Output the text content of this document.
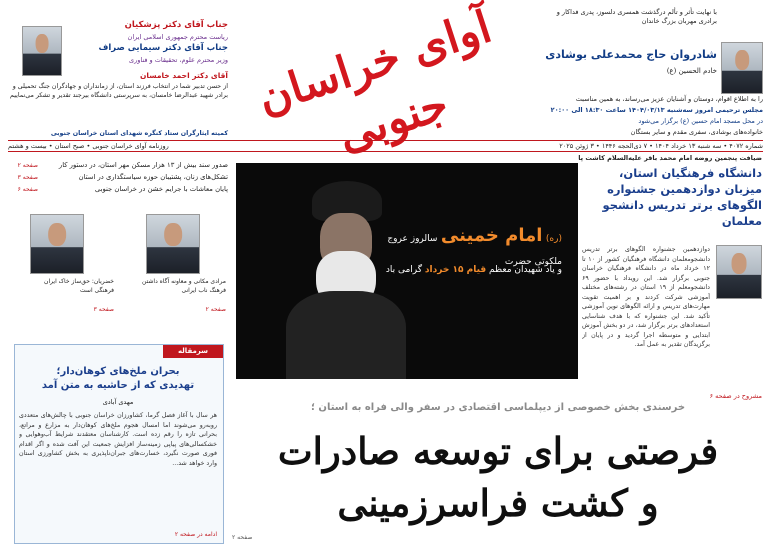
با نهایت تأثر و تألم درگذشت همسری دلسوز، پدری فداکار و برادری مهربان بزرگ خاندان
شادروان حاج محمدعلی بوشادی
خادم الحسین (ع)
را به اطلاع اقوام، دوستان و آشنایان عزیز می‌رساند، به همین مناسبت
مجلس ترحیمی امروز سه‌شنبه ۱۴۰۴/۰۳/۱۳ ساعت ۱۸:۳۰ الی ۲۰:۰۰
در محل مسجد امام حسین (ع) برگزار می‌شود
خانواده‌های بوشادی، سفری مقدم و سایر بستگان
آوای خراسان جنوبی
جناب آقای دکتر پزشکیان
ریاست محترم جمهوری اسلامی ایران
جناب آقای دکتر سیمایی صراف
وزیر محترم علوم، تحقیقات و فناوری
آقای دکتر احمد خامسان
از حسن تدبیر شما در انتخاب فرزند استان، از زمانداران و جهادگران جنگ تحمیلی و برادر شهید عبدالرضا خامسان، به سرپرستی دانشگاه بیرجند تقدیر و تشکر می‌نماییم
کمیته ایثارگران ستاد کنگره شهدای استان خراسان جنوبی
شماره ۴۰۷۲ • سه شنبه ۱۳ خرداد ۱۴۰۴ • ۷ ذی‌الحجه ۱۴۴۶ • ۳ ژوئن ۲۰۲۵
روزنامه آوای خراسان جنوبی • صبح استان • بیست و هشتم
ضیافت پنجمین روضه امام محمد باقر علیه‌السلام کاشت پا
دانشگاه فرهنگیان استان، میزبان دوازدهمین جشنواره الگوهای برتر تدریس دانشجو معلمان
دوازدهمین جشنواره الگوهای برتر تدریس دانشجومعلمان دانشگاه فرهنگیان کشور از ۱۰ تا ۱۲ خرداد ماه در دانشگاه فرهنگیان خراسان جنوبی برگزار شد. این رویداد با حضور ۶۹ دانشجومعلم از ۱۹ استان در رشته‌های مختلف آموزشی شرکت کردند و بر اهمیت تقویت مهارت‌های تدریس و ارائه الگوهای نوین آموزشی تأکید شد. این جشنواره که با هدف شناسایی استعدادهای برتر برگزار شد، در دو بخش آموزش ابتدایی و متوسطه اجرا گردید و در پایان از برگزیدگان تقدیر به عمل آمد.
مشروح در صفحه ۶
(ره) امام خمینی سالروز عروج ملکوتی حضرت
و یاد شهیدان معظم قیام ۱۵ خرداد گرامی باد
صدور سند بیش از ۱۳ هزار مسکن مهر استان، در دستور کار
صفحه ۲
تشکل‌های زنان، پشتیبان حوزه سیاستگذاری در استان
صفحه ۳
پایان معاشات با جرایم خشن در خراسان جنوبی
صفحه ۶
مرادی مکانی و معاونه آگاه داشتن فرهنگ ناب ایرانی
صفحه ۲
خضریان: حق‌ساز خاک ایران فرهنگی است
صفحه ۳
سرمقاله
بحران ملخ‌های کوهان‌دار؛
تهدیدی که از حاشیه به متن آمد
مهدی آبادی
هر سال با آغاز فصل گرما، کشاورزان خراسان جنوبی با چالش‌های متعددی روبه‌رو می‌شوند اما امسال هجوم ملخ‌های کوهان‌دار به مزارع و مراتع، بحرانی تازه را رقم زده است. کارشناسان معتقدند شرایط آب‌وهوایی و خشکسالی‌های پیاپی زمینه‌ساز افزایش جمعیت این آفت شده و اگر اقدام فوری صورت نگیرد، خسارت‌های جبران‌ناپذیری به بخش کشاورزی استان وارد خواهد شد...
ادامه در صفحه ۲
خرسندی بخش خصوصی از دیپلماسی اقتصادی در سفر والی فراه به استان ؛
فرصتی برای توسعه صادرات
و کشت فراسرزمینی
صفحه ۲
